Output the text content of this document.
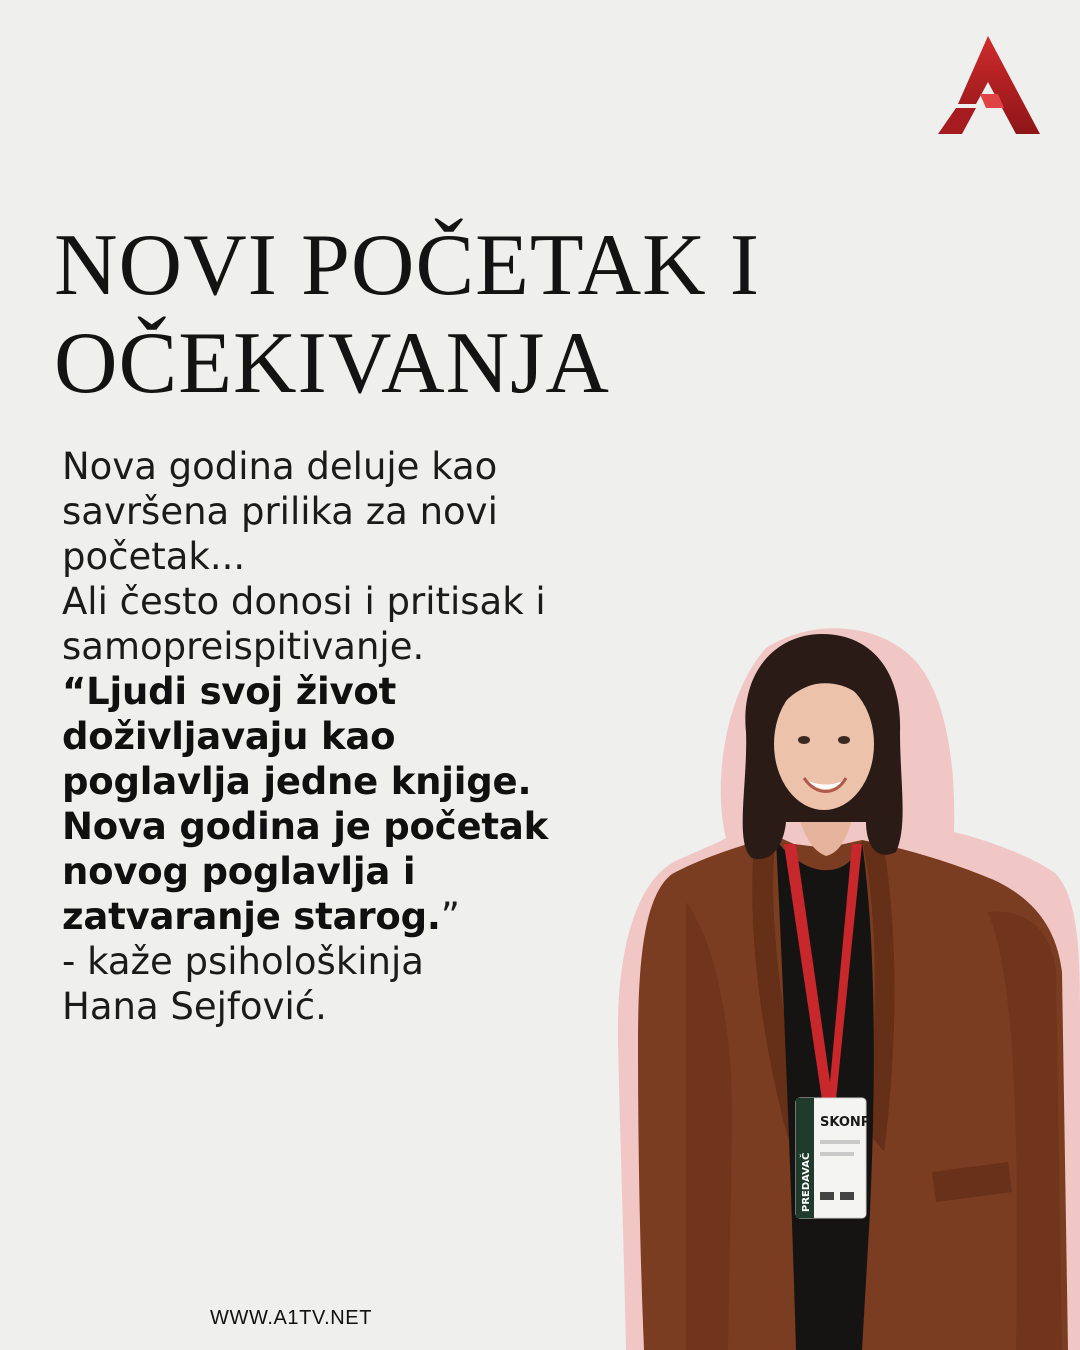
NOVI POČETAK I
OČEKIVANJA
Nova godina deluje kao
savršena prilika za novi
početak...
Ali često donosi i pritisak i
samopreispitivanje.
“Ljudi svoj život
doživljavaju kao
poglavlja jedne knjige.
Nova godina je početak
novog poglavlja i
zatvaranje starog.”
- kaže psihološkinja
Hana Sejfović.
SKONP
PREDAVAČ
WWW.A1TV.NET
